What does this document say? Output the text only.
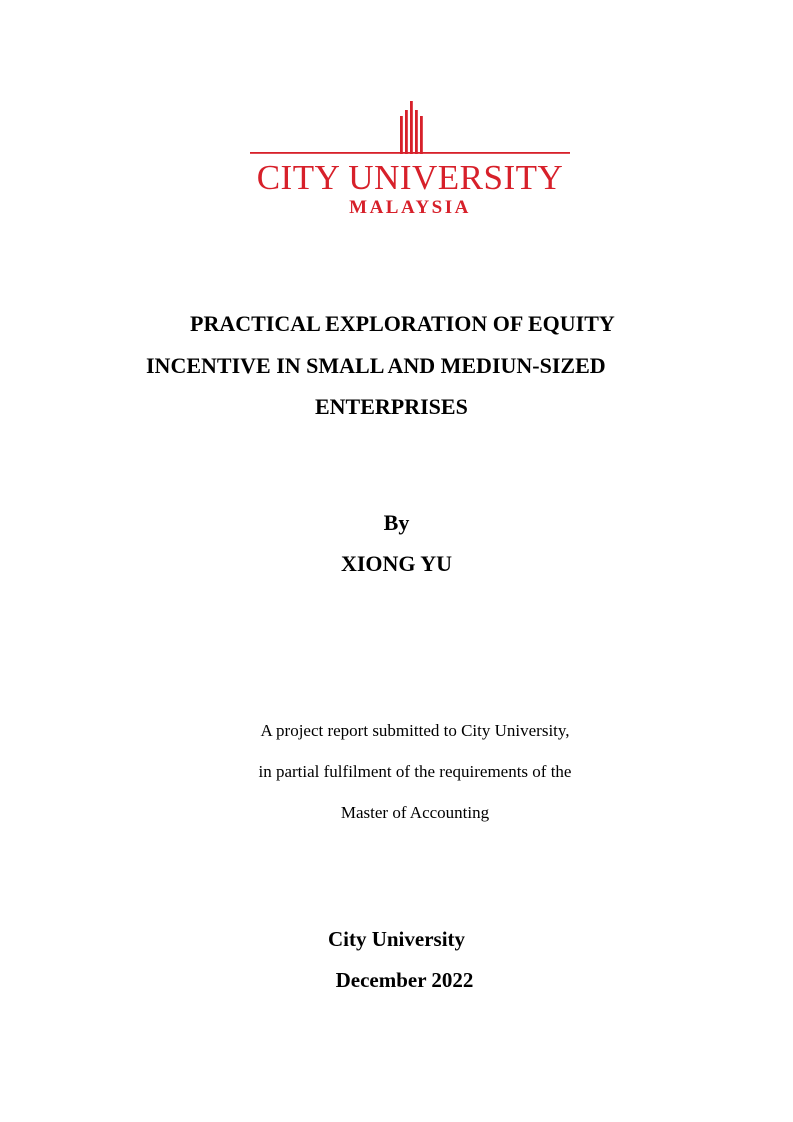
CITY UNIVERSITY
MALAYSIA
PRACTICAL EXPLORATION OF EQUITY
INCENTIVE IN SMALL AND MEDIUN-SIZED
ENTERPRISES
By
XIONG YU
A project report submitted to City University,
in partial fulfilment of the requirements of the
Master of Accounting
City University
December 2022
